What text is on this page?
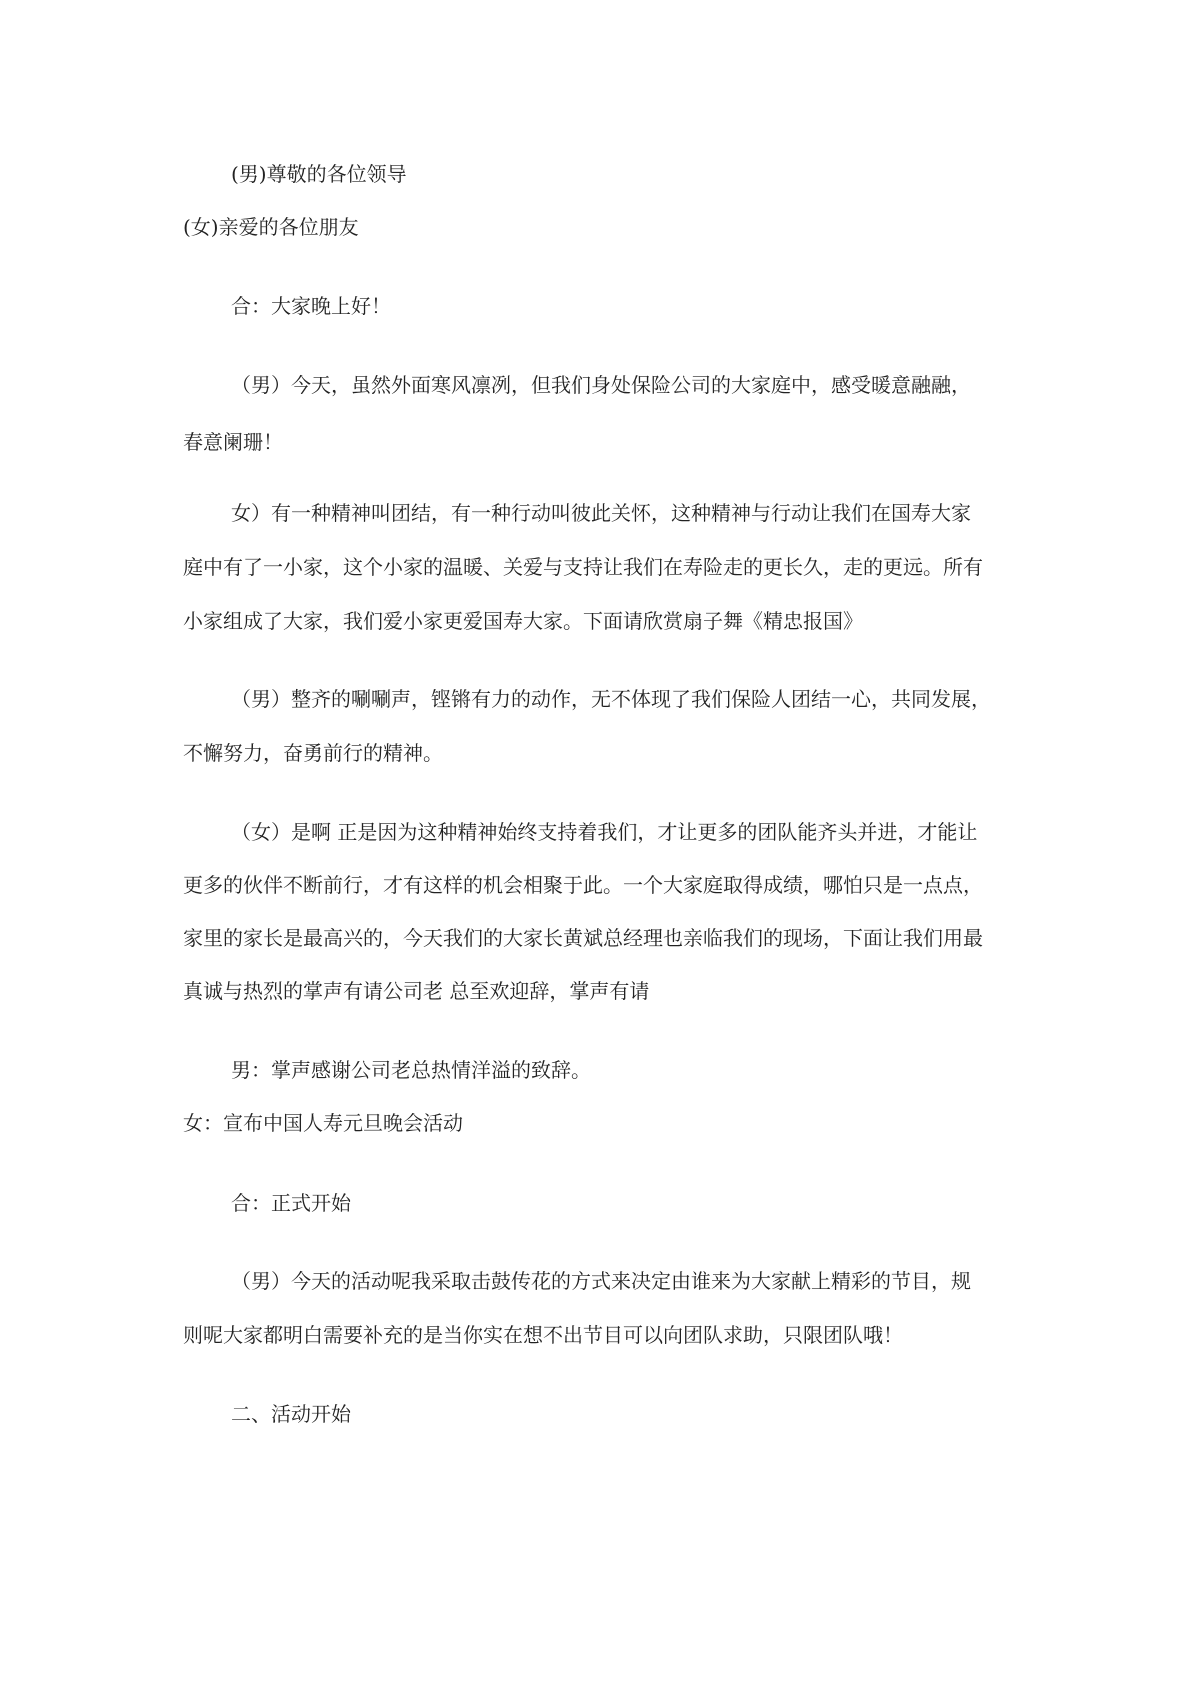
(男)尊敬的各位领导
(女)亲爱的各位朋友
合：大家晚上好！
（男）今天，虽然外面寒风凛冽，但我们身处保险公司的大家庭中，感受暖意融融，
春意阑珊！
女）有一种精神叫团结，有一种行动叫彼此关怀，这种精神与行动让我们在国寿大家
庭中有了一小家，这个小家的温暖、关爱与支持让我们在寿险走的更长久，走的更远。所有
小家组成了大家，我们爱小家更爱国寿大家。下面请欣赏扇子舞《精忠报国》
（男）整齐的唰唰声，铿锵有力的动作，无不体现了我们保险人团结一心，共同发展，
不懈努力，奋勇前行的精神。
（女）是啊 正是因为这种精神始终支持着我们，才让更多的团队能齐头并进，才能让
更多的伙伴不断前行，才有这样的机会相聚于此。一个大家庭取得成绩，哪怕只是一点点，
家里的家长是最高兴的，今天我们的大家长黄斌总经理也亲临我们的现场，下面让我们用最
真诚与热烈的掌声有请公司老 总至欢迎辞，掌声有请
男：掌声感谢公司老总热情洋溢的致辞。
女：宣布中国人寿元旦晚会活动
合：正式开始
（男）今天的活动呢我采取击鼓传花的方式来决定由谁来为大家献上精彩的节目，规
则呢大家都明白需要补充的是当你实在想不出节目可以向团队求助，只限团队哦！
二、活动开始
